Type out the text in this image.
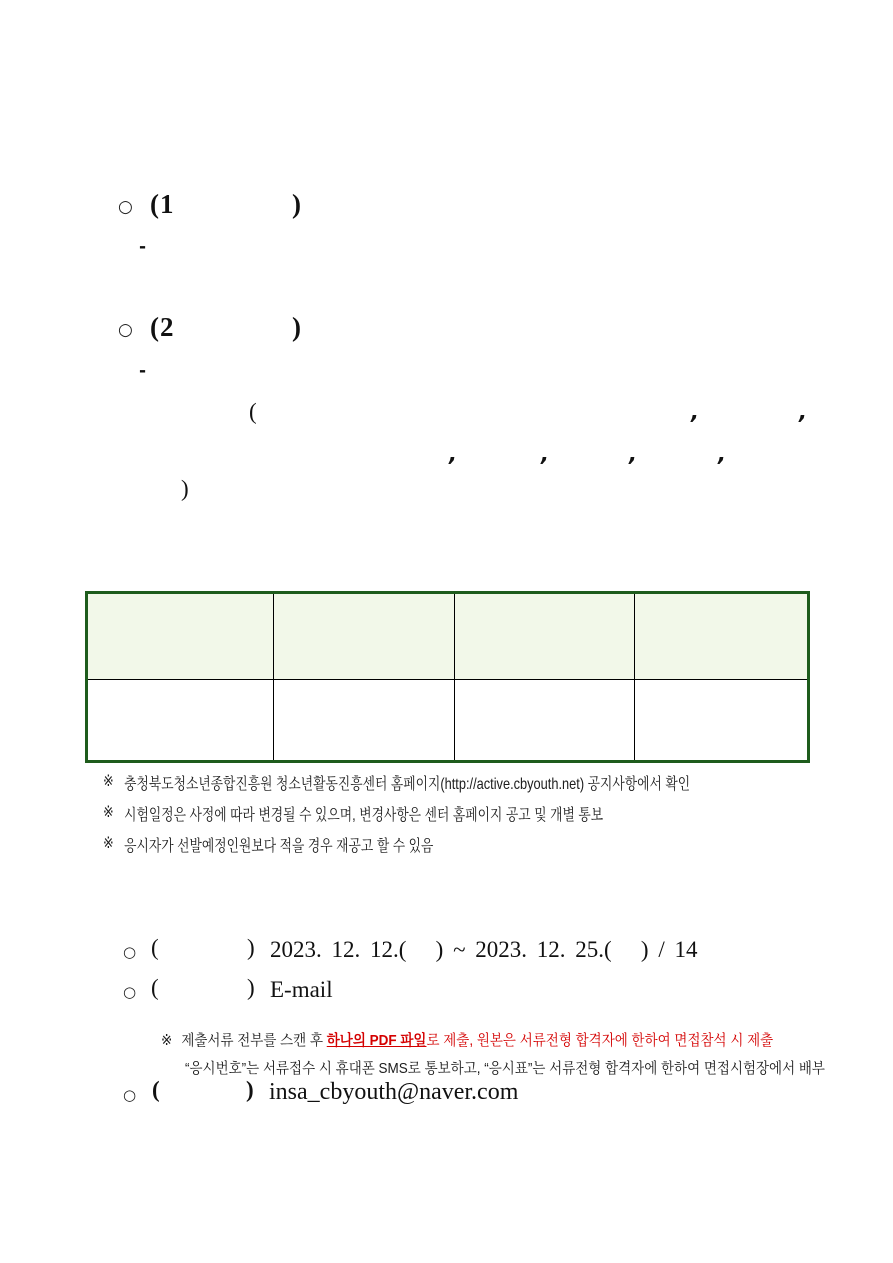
○ (1	)
-
○ (2	)
-
(	,	,
,	,	,	,
)
※ 충청북도청소년종합진흥원 청소년활동진흥센터 홈페이지(http://active.cbyouth.net) 공지사항에서 확인
※ 시험일정은 사정에 따라 변경될 수 있으며, 변경사항은 센터 홈페이지 공고 및 개별 통보
※ 응시자가 선발예정인원보다 적을 경우 재공고 할 수 있음
○ (	) 2023. 12. 12.(   ) ~ 2023. 12. 25.(   ) / 14
○ (	) E-mail

※ 제출서류 전부를 스캔 후 하나의 PDF 파일로 제출, 원본은 서류전형 합격자에 한하여 면접참석 시 제출

“응시번호”는 서류접수 시 휴대폰 SMS로 통보하고, “응시표”는 서류전형 합격자에 한하여 면접시험장에서 배부

○ (	) insa_cbyouth@naver.com
